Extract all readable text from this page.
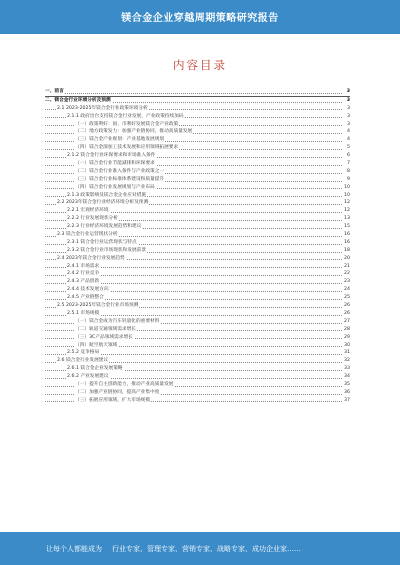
镁合金企业穿越周期策略研究报告
内容目录
一、前言	3
二、镁合金行业环境分析及预测	3
2.1 2023-2025年镁合金行业政策环境分析	3
2.1.1 政府出台支持镁合金行业发展，产业政策持续加码	3
（一）政策利好：国、市利好发展镁合金产业政策	3
（二）地方政策发力：加强产业链协同，推动高质量发展	4
（三）镁合金产业规划：产业基地发展规划	4
（四）镁合金深加工技术发展和应用领域拓展要求	5
2.1.2 镁合金行业环保要求和市场准入条件	6
（一）镁合金行业节能减排和环保要求	7
（二）镁合金行业准入条件与产业政策之一	8
（三）镁合金行业标准体系建设和质量提升	9
（四）镁合金行业发展规划与产业布局	10
2.1.3 政策影响及镁合金企业应对措施	10
2.2 2023年镁合金行业经济环境分析及预测	12
2.2.1 宏观经济环境	12
2.2.2 行业发展现状分析	13
2.2.3 行业经济环境发展趋势和建议	15
2.3 镁合金行业运营现状分析	16
2.3.1 镁合金行业运营现状与特点	16
2.3.2 镁合金行业市场现状和发展前景	18
2.4 2023年镁合金行业发展趋势	20
2.4.1 市场需求	21
2.4.2 行业竞争	22
2.4.3 产品创新	23
2.4.4 技术发展方向	24
2.4.5 产业链整合	25
2.5 2023-2025年镁合金行业市场预测	26
2.5.1 市场规模	26
（一）镁合金成为汽车轻量化的重要材料	27
（二）轨道交通领域需求增长	28
（三）3C产品领域需求增长	29
（四）航空航天领域	30
2.5.2 竞争格局	31
2.6 镁合金行业发展建议	32
2.6.1 镁合金企业发展策略	33
2.6.2 产业发展建议	34
（一）提升自主创新能力，推动产业高质量发展	35
（二）加强产业链协同，提高产业集中度	36
（三）拓展应用领域，扩大市场规模	37
让每个人都能成为 行业专家、管理专家、营销专家、战略专家、成功企业家……
